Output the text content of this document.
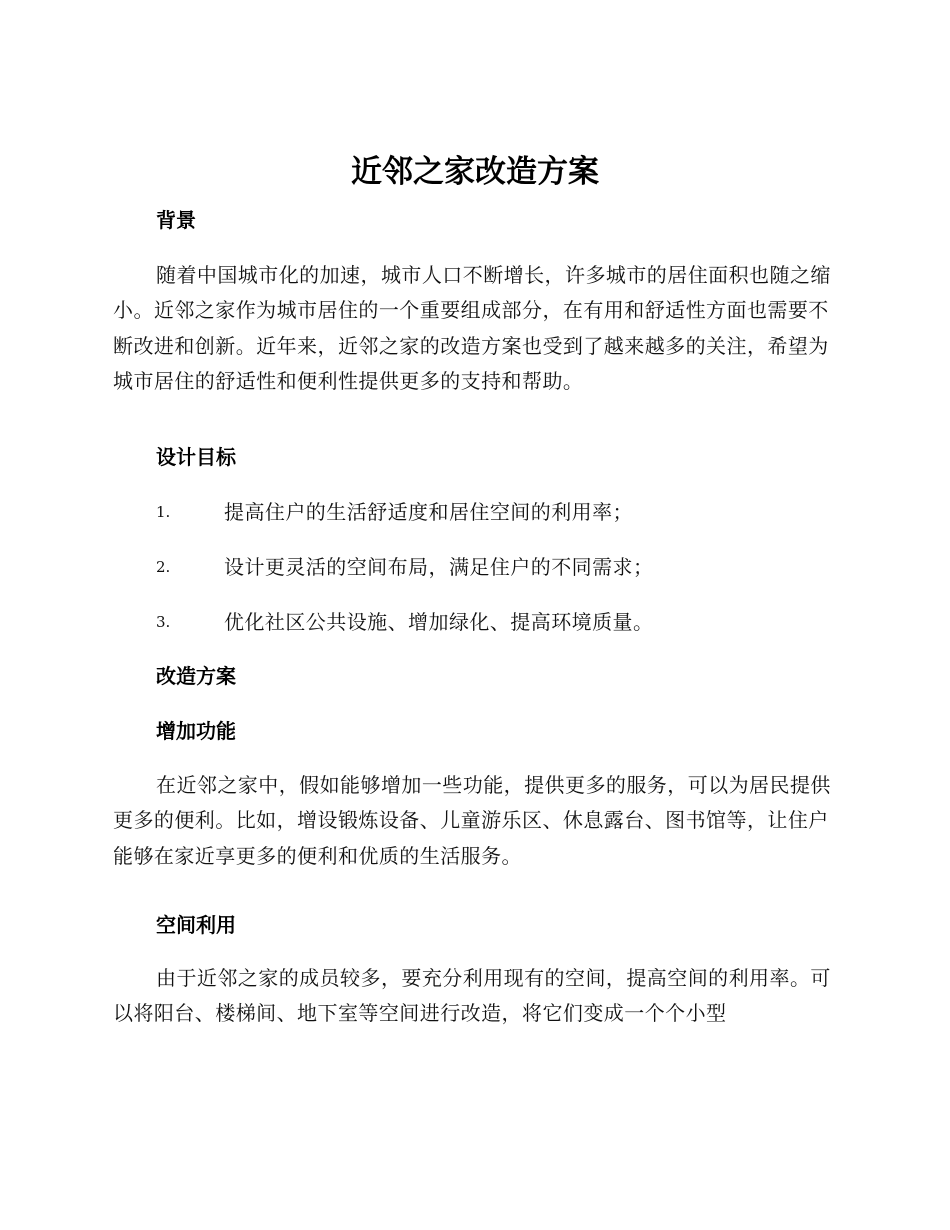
近邻之家改造方案
背景

随着中国城市化的加速，城市人口不断增长，许多城市的居住面积也随之缩小。近邻之家作为城市居住的一个重要组成部分，在有用和舒适性方面也需要不断改进和创新。近年来，近邻之家的改造方案也受到了越来越多的关注，希望为城市居住的舒适性和便利性提供更多的支持和帮助。

设计目标
1.	提高住户的生活舒适度和居住空间的利用率；
2.	设计更灵活的空间布局，满足住户的不同需求；
3.	优化社区公共设施、增加绿化、提高环境质量。
改造方案
增加功能

在近邻之家中，假如能够增加一些功能，提供更多的服务，可以为居民提供更多的便利。比如，增设锻炼设备、儿童游乐区、休息露台、图书馆等，让住户能够在家近享更多的便利和优质的生活服务。

空间利用

由于近邻之家的成员较多，要充分利用现有的空间，提高空间的利用率。可以将阳台、楼梯间、地下室等空间进行改造，将它们变成一个个小型
